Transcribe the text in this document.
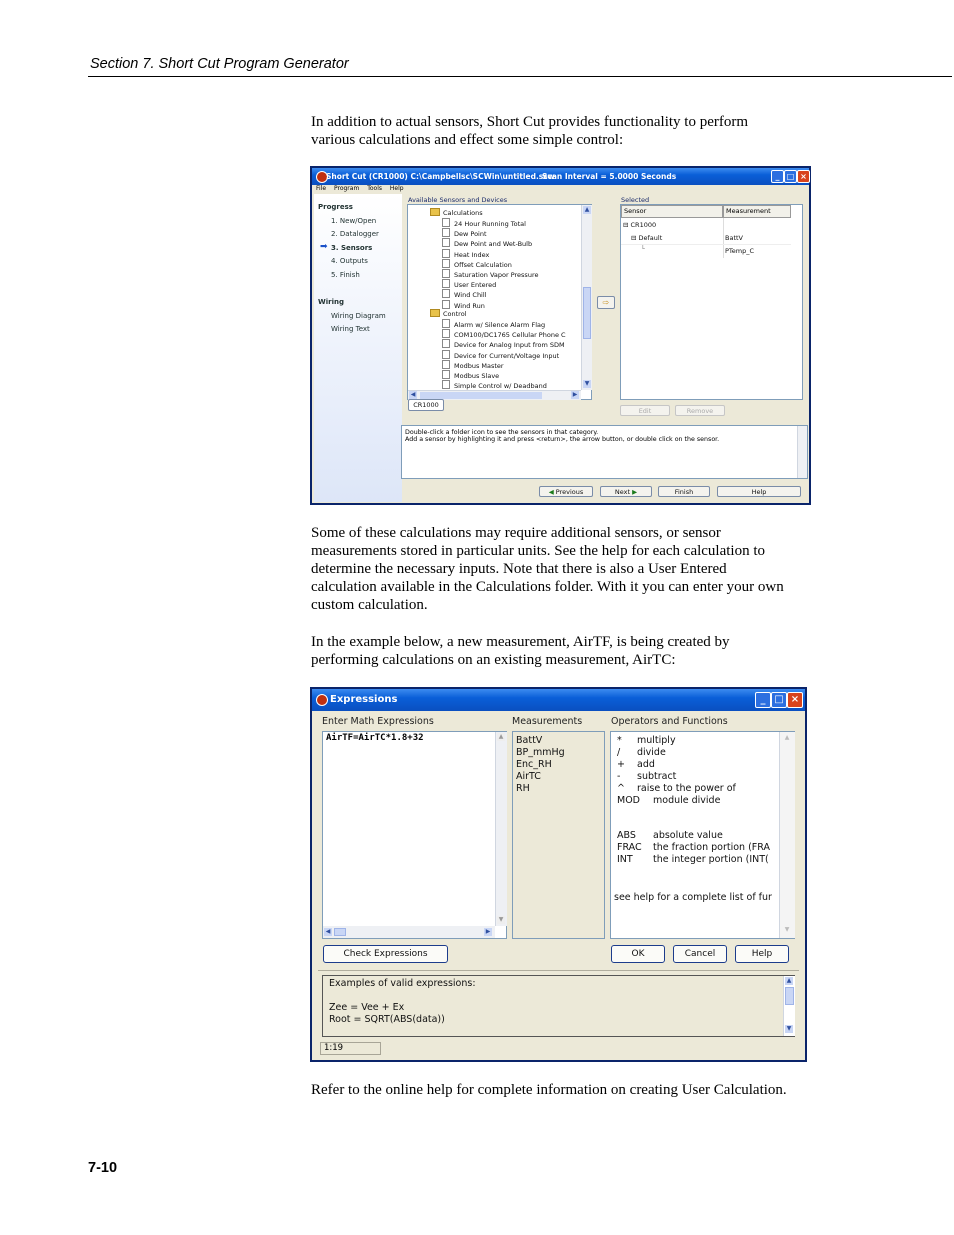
Section 7. Short Cut Program Generator
In addition to actual sensors, Short Cut provides functionality to perform
various calculations and effect some simple control:
Short Cut (CR1000) C:\Campbellsc\SCWin\untitled.scw
Scan Interval = 5.0000 Seconds	_ □ ×
File Program Tools Help
Progress
1. New/Open
2. Datalogger
➡ 3. Sensors
4. Outputs
5. Finish
Wiring
Wiring Diagram
Wiring Text
Available Sensors and Devices	Selected
Calculations
24 Hour Running Total
Dew Point
Dew Point and Wet-Bulb
Heat Index
Offset Calculation
Saturation Vapor Pressure
User Entered
Wind Chill
Wind Run
Control
Alarm w/ Silence Alarm Flag
COM100/DC1765 Cellular Phone C
Device for Analog Input from SDM
Device for Current/Voltage Input
Modbus Master
Modbus Slave
Simple Control w/ Deadband
▲
▼
◀	▶
CR1000
⇨
Sensor	Measurement
⊟ CR1000
⊟ Default	BattV
└	PTemp_C
Edit	Remove
Double-click a folder icon to see the sensors in that category.
Add a sensor by highlighting it and press <return>, the arrow button, or double click on the sensor.
◀ Previous	Next ▶	Finish	Help
Some of these calculations may require additional sensors, or sensor
measurements stored in particular units. See the help for each calculation to
determine the necessary inputs. Note that there is also a User Entered
calculation available in the Calculations folder. With it you can enter your own
custom calculation.
In the example below, a new measurement, AirTF, is being created by
performing calculations on an existing measurement, AirTC:
Expressions	_ □ ×
Enter Math Expressions	Measurements	Operators and Functions
AirTF=AirTC*1.8+32	▲
▼
◀	▶
BattV
BP_mmHg
Enc_RH
AirTC
RH
* multiply
/ divide
+ add
- subtract
^ raise to the power of
MOD module divide
ABS absolute value
FRAC the fraction portion (FRA
INT the integer portion (INT(
see help for a complete list of fur
▲
▼
Check Expressions	OK	Cancel	Help
Examples of valid expressions:
Zee = Vee + Ex
Root = SQRT(ABS(data))
▲
▼
1:19
Refer to the online help for complete information on creating User Calculation.
7-10
